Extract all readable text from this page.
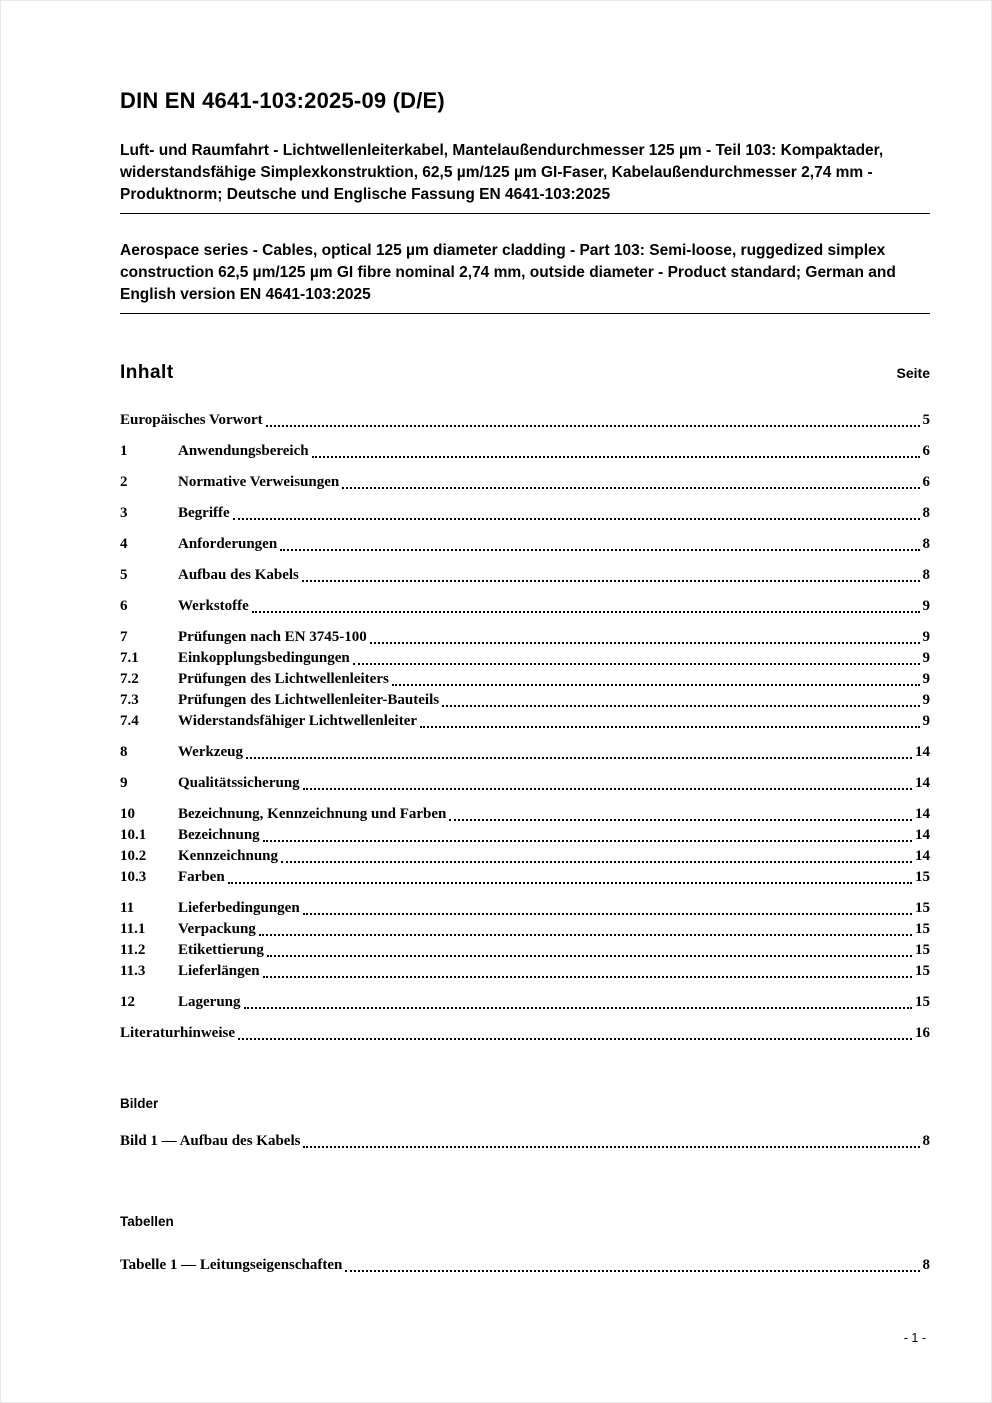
DIN EN 4641-103:2025-09 (D/E)
Luft- und Raumfahrt - Lichtwellenleiterkabel, Mantelaußendurchmesser 125 µm - Teil 103: Kompaktader, widerstandsfähige Simplexkonstruktion, 62,5 µm/125 µm GI-Faser, Kabelaußendurchmesser 2,74 mm - Produktnorm; Deutsche und Englische Fassung EN 4641-103:2025
Aerospace series - Cables, optical 125 µm diameter cladding - Part 103: Semi-loose, ruggedized simplex construction 62,5 µm/125 µm GI fibre nominal 2,74 mm, outside diameter - Product standard; German and English version EN 4641-103:2025
Inhalt	Seite
Europäisches Vorwort	5
1	Anwendungsbereich	6
2	Normative Verweisungen	6
3	Begriffe	8
4	Anforderungen	8
5	Aufbau des Kabels	8
6	Werkstoffe	9
7	Prüfungen nach EN 3745-100	9
7.1	Einkopplungsbedingungen	9
7.2	Prüfungen des Lichtwellenleiters	9
7.3	Prüfungen des Lichtwellenleiter-Bauteils	9
7.4	Widerstandsfähiger Lichtwellenleiter	9
8	Werkzeug	14
9	Qualitätssicherung	14
10	Bezeichnung, Kennzeichnung und Farben	14
10.1	Bezeichnung	14
10.2	Kennzeichnung	14
10.3	Farben	15
11	Lieferbedingungen	15
11.1	Verpackung	15
11.2	Etikettierung	15
11.3	Lieferlängen	15
12	Lagerung	15
Literaturhinweise	16
Bilder
Bild 1 — Aufbau des Kabels	8
Tabellen
Tabelle 1 — Leitungseigenschaften	8
- 1 -
